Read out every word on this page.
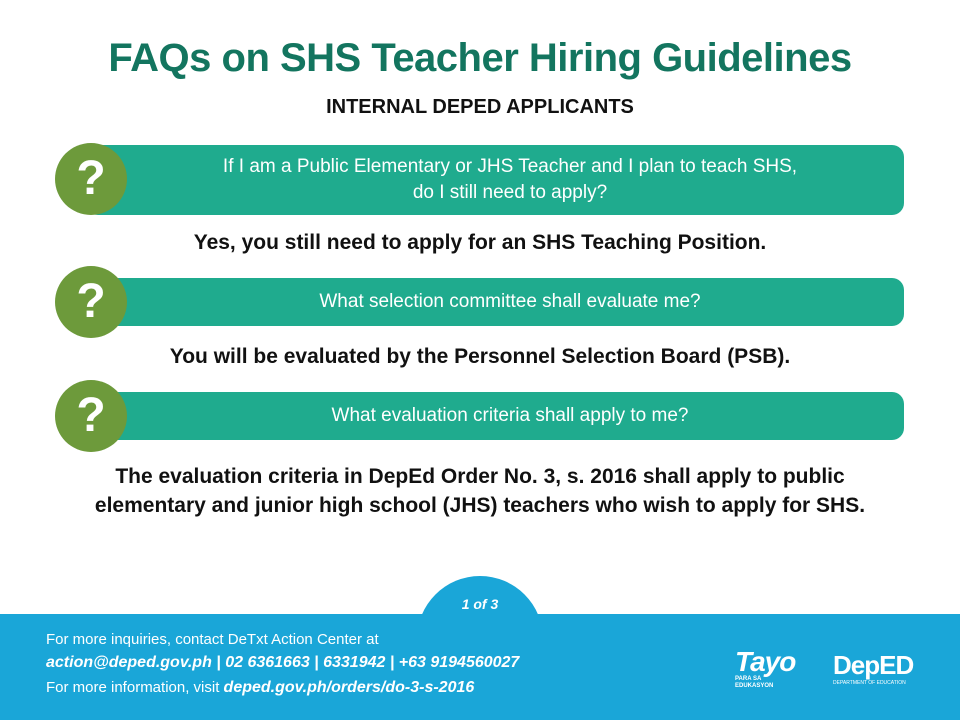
FAQs on SHS Teacher Hiring Guidelines
INTERNAL DEPED APPLICANTS
If I am a Public Elementary or JHS Teacher and I plan to teach SHS,
do I still need to apply?
?
Yes, you still need to apply for an SHS Teaching Position.
What selection committee shall evaluate me?
?
You will be evaluated by the Personnel Selection Board (PSB).
What evaluation criteria shall apply to me?
?
The evaluation criteria in DepEd Order No. 3, s. 2016 shall apply to public
elementary and junior high school (JHS) teachers who wish to apply for SHS.
1 of 3
For more inquiries, contact DeTxt Action Center at
action@deped.gov.ph | 02 6361663 | 6331942 | +63 9194560027
For more information, visit deped.gov.ph/orders/do-3-s-2016
Tayo
PARA SA
EDUKASYON
DepED
DEPARTMENT OF EDUCATION
